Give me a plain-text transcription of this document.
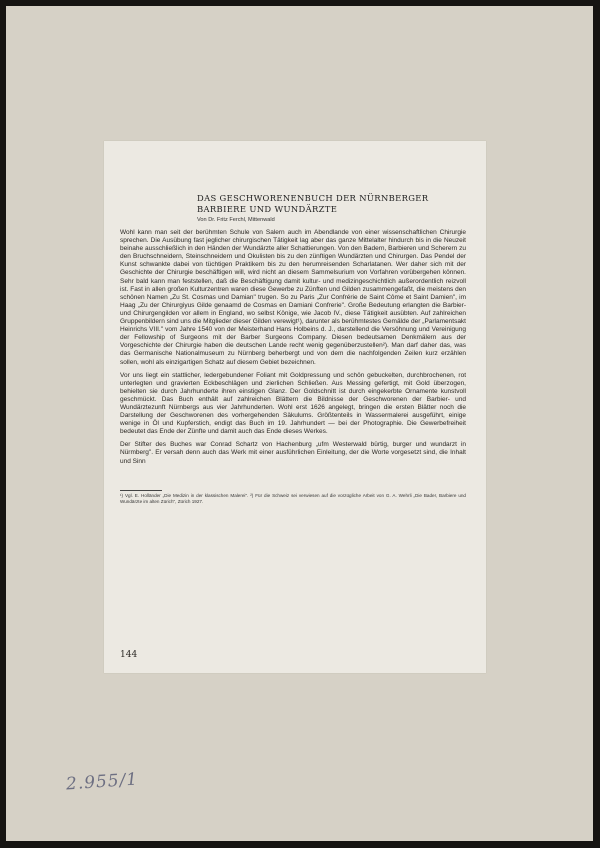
DAS GESCHWORENENBUCH DER NÜRNBERGER
BARBIERE UND WUNDÄRZTE
Von Dr. Fritz Ferchl, Mittenwald

Wohl kann man seit der berühmten Schule von Salern auch im Abendlande von einer wissenschaftlichen Chirurgie sprechen. Die Ausübung fast jeglicher chirurgischen Tätigkeit lag aber das ganze Mittelalter hindurch bis in die Neuzeit beinahe ausschließlich in den Händen der Wundärzte aller Schattierungen. Von den Badern, Barbieren und Scherern zu den Bruchschneidern, Steinschneidern und Okulisten bis zu den zünftigen Wundärzten und Chirurgen. Das Pendel der Kunst schwankte dabei von tüchtigen Praktikern bis zu den herumreisenden Scharlatanen. Wer daher sich mit der Geschichte der Chirurgie beschäftigen will, wird nicht an diesem Sammelsurium von Vorfahren vorübergehen können. Sehr bald kann man feststellen, daß die Beschäftigung damit kultur- und medizingeschichtlich außerordentlich reizvoll ist. Fast in allen großen Kulturzentren waren diese Gewerbe zu Zünften und Gilden zusammengefaßt, die meistens den schönen Namen „Zu St. Cosmas und Damian" trugen. So zu Paris „Zur Confrérie de Saint Côme et Saint Damien", im Haag „Zu der Chirurgiyus Gilde genaamd de Cosmas en Damiani Confrerie". Große Bedeutung erlangten die Barbier- und Chirurgengilden vor allem in England, wo selbst Könige, wie Jacob IV., diese Tätigkeit ausübten. Auf zahlreichen Gruppenbildern sind uns die Mitglieder dieser Gilden verewigt¹), darunter als berühmtestes Gemälde der „Parlamentsakt Heinrichs VIII." vom Jahre 1540 von der Meisterhand Hans Holbeins d. J., darstellend die Versöhnung und Vereinigung der Fellowship of Surgeons mit der Barber Surgeons Company. Diesen bedeutsamen Denkmälern aus der Vorgeschichte der Chirurgie haben die deutschen Lande recht wenig gegenüberzustellen²). Man darf daher das, was das Germanische Nationalmuseum zu Nürnberg beherbergt und von dem die nachfolgenden Zeilen kurz erzählen sollen, wohl als einzigartigen Schatz auf diesem Gebiet bezeichnen.

Vor uns liegt ein stattlicher, ledergebundener Foliant mit Goldpressung und schön gebuckelten, durchbrochenen, rot unterlegten und gravierten Eckbeschlägen und zierlichen Schließen. Aus Messing gefertigt, mit Gold überzogen, behielten sie durch Jahrhunderte ihren einstigen Glanz. Der Goldschnitt ist durch eingekerbte Ornamente kunstvoll geschmückt. Das Buch enthält auf zahlreichen Blättern die Bildnisse der Geschworenen der Barbier- und Wundärztezunft Nürnbergs aus vier Jahrhunderten. Wohl erst 1626 angelegt, bringen die ersten Blätter noch die Darstellung der Geschworenen des vorhergehenden Säkulums. Größtenteils in Wassermalerei ausgeführt, einige wenige in Öl und Kupferstich, endigt das Buch im 19. Jahrhundert — bei der Photographie. Die Gewerbefreiheit bedeutet das Ende der Zünfte und damit auch das Ende dieses Werkes.

Der Stifter des Buches war Conrad Schartz von Hachenburg „ufm Westerwald bürtig, burger und wundarzt in Nürmberg". Er versah denn auch das Werk mit einer ausführlichen Einleitung, der die Worte vorgesetzt sind, die Inhalt und Sinn

¹) Vgl. E. Holländer „Die Medizin in der klassischen Malerei". ²) Für die Schweiz sei verwiesen auf die vorzügliche Arbeit von G. A. Wehrli „Die Bader, Barbiere und Wundärzte im alten Zürich", Zürich 1927.

144
2.955/1
